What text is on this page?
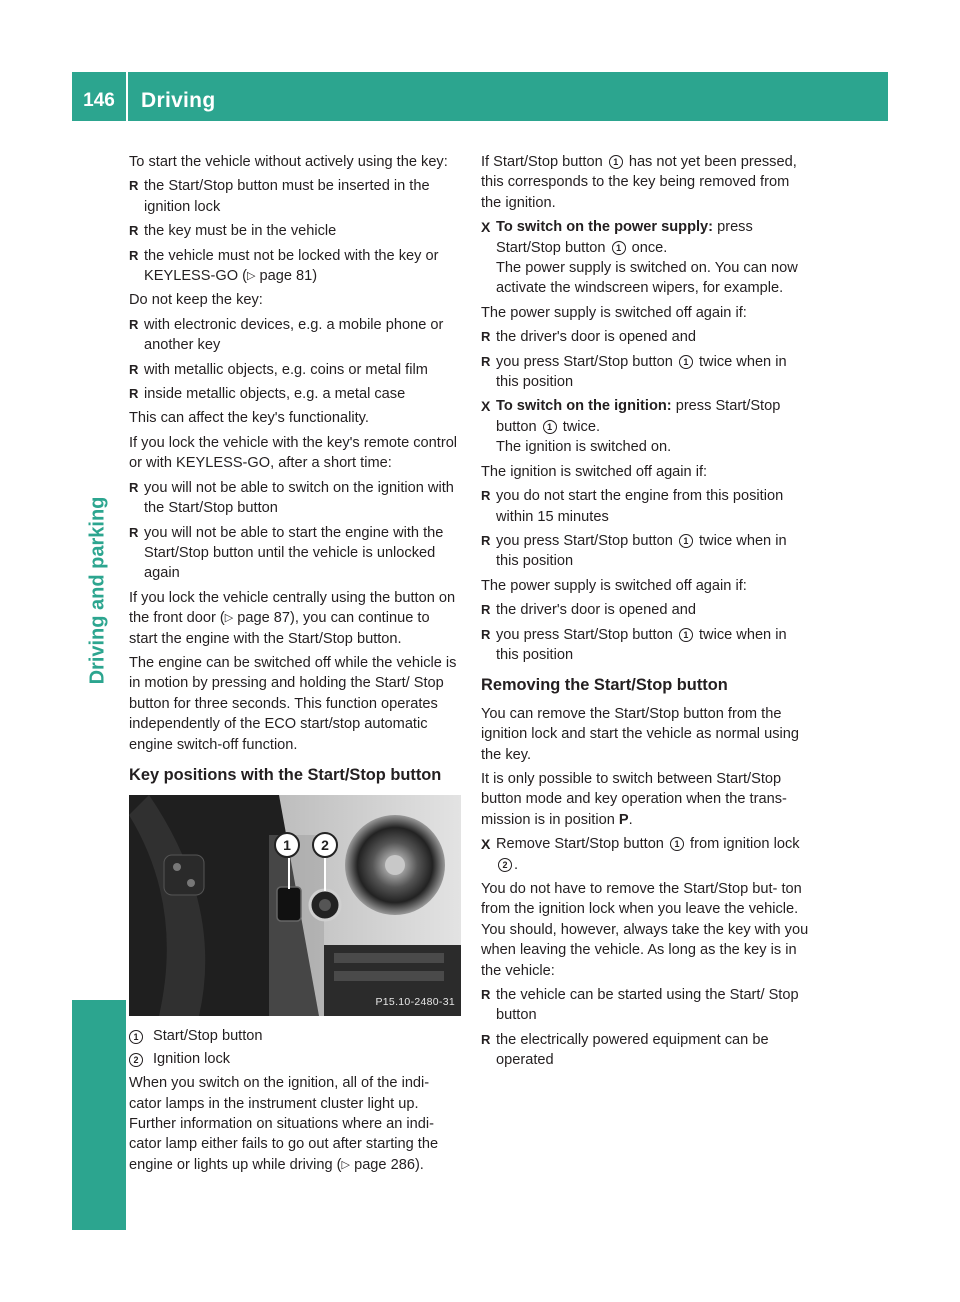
146	Driving
Driving and parking

To start the vehicle without actively using the key:

R the Start/Stop button must be inserted in the ignition lock
R the key must be in the vehicle
R the vehicle must not be locked with the key or KEYLESS-GO (▷ page 81)

Do not keep the key:

R with electronic devices, e.g. a mobile phone or another key
R with metallic objects, e.g. coins or metal film
R inside metallic objects, e.g. a metal case

This can affect the key's functionality.

If you lock the vehicle with the key's remote control or with KEYLESS-GO, after a short time:

R you will not be able to switch on the ignition with the Start/Stop button
R you will not be able to start the engine with the Start/Stop button until the vehicle is unlocked again

If you lock the vehicle centrally using the button on the front door (▷ page 87), you can continue to start the engine with the Start/Stop button.

The engine can be switched off while the vehicle is in motion by pressing and holding the Start/ Stop button for three seconds. This function operates independently of the ECO start/stop automatic engine switch-off function.

Key positions with the Start/Stop button
1 2
P15.10-2480-31
1 Start/Stop button
2 Ignition lock

When you switch on the ignition, all of the indi- cator lamps in the instrument cluster light up. Further information on situations where an indi- cator lamp either fails to go out after starting the engine or lights up while driving (▷ page 286).

If Start/Stop button 1 has not yet been pressed, this corresponds to the key being removed from the ignition.

X To switch on the power supply: press Start/Stop button 1 once.
The power supply is switched on. You can now activate the windscreen wipers, for example.

The power supply is switched off again if:

R the driver's door is opened and
R you press Start/Stop button 1 twice when in this position
X To switch on the ignition: press Start/Stop button 1 twice.
The ignition is switched on.

The ignition is switched off again if:

R you do not start the engine from this position within 15 minutes
R you press Start/Stop button 1 twice when in this position

The power supply is switched off again if:

R the driver's door is opened and
R you press Start/Stop button 1 twice when in this position
Removing the Start/Stop button

You can remove the Start/Stop button from the ignition lock and start the vehicle as normal using the key.

It is only possible to switch between Start/Stop button mode and key operation when the trans- mission is in position P.

X Remove Start/Stop button 1 from ignition lock 2 .

You do not have to remove the Start/Stop but- ton from the ignition lock when you leave the vehicle. You should, however, always take the key with you when leaving the vehicle. As long as the key is in the vehicle:

R the vehicle can be started using the Start/ Stop button
R the electrically powered equipment can be operated
